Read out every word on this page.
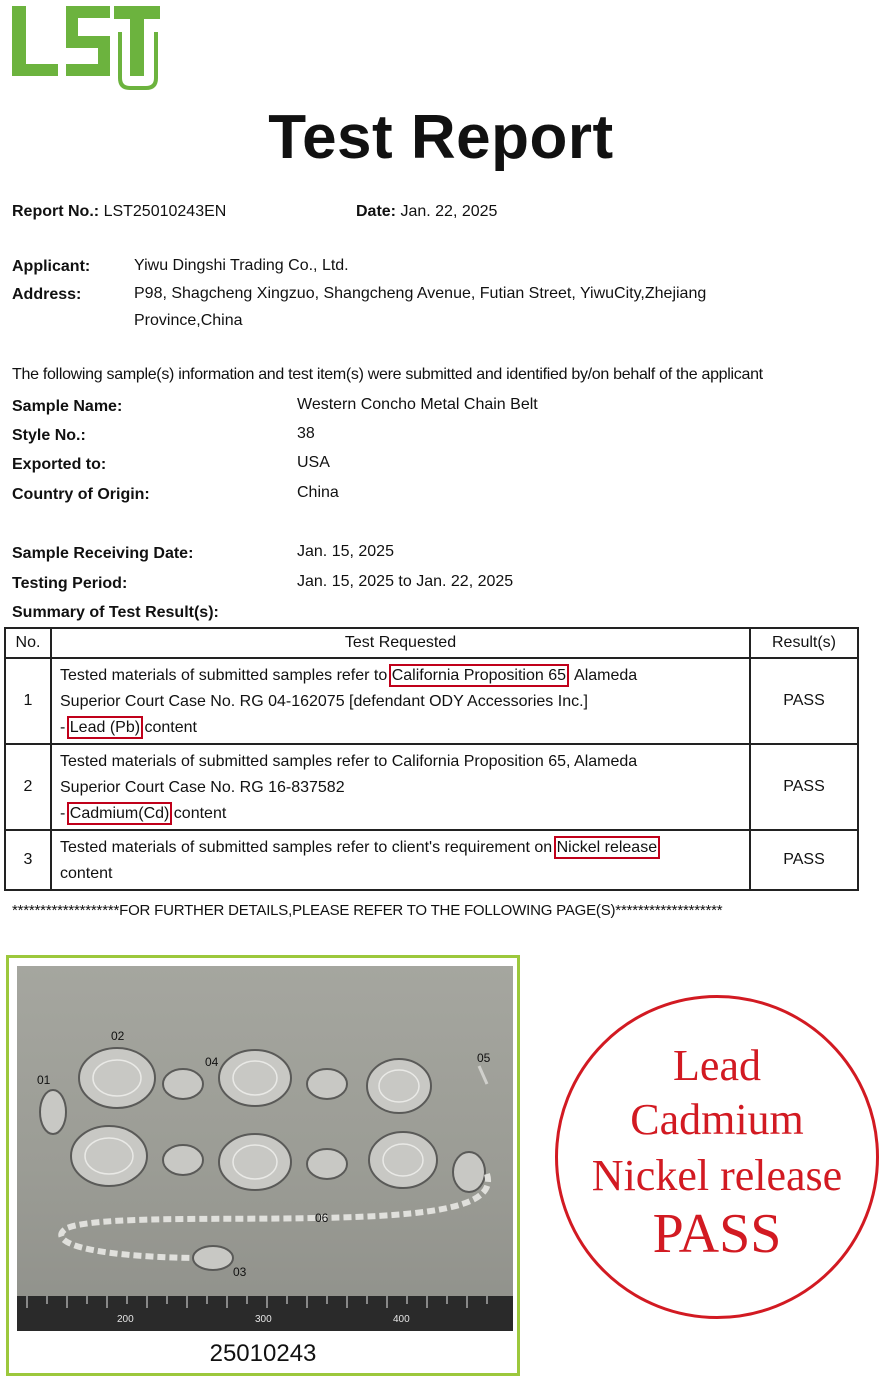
Test Report
Report No.: LST25010243EN	Date: Jan. 22, 2025
Applicant:	Yiwu Dingshi Trading Co., Ltd.
Address:	P98, Shagcheng Xingzuo, Shangcheng Avenue, Futian Street, YiwuCity,Zhejiang
Province,China
The following sample(s) information and test item(s) were submitted and identified by/on behalf of the applicant
Sample Name:	Western Concho Metal Chain Belt
Style No.:	38
Exported to:	USA
Country of Origin:	China
Sample Receiving Date:	Jan. 15, 2025
Testing Period:	Jan. 15, 2025 to Jan. 22, 2025
Summary of Test Result(s):
No.	Test Requested	Result(s)
1	Tested materials of submitted samples refer to California Proposition 65, Alameda
Superior Court Case No. RG 04-162075 [defendant ODY Accessories Inc.]
- Lead (Pb) content	PASS
2	Tested materials of submitted samples refer to California Proposition 65, Alameda
Superior Court Case No. RG 16-837582
- Cadmium(Cd) content	PASS
3	Tested materials of submitted samples refer to client's requirement on Nickel release
content	PASS
*******************FOR FURTHER DETAILS,PLEASE REFER TO THE FOLLOWING PAGE(S)*******************
01
02
03
04	05
06
200	300	400
25010243
Lead
Cadmium
Nickel release
PASS
